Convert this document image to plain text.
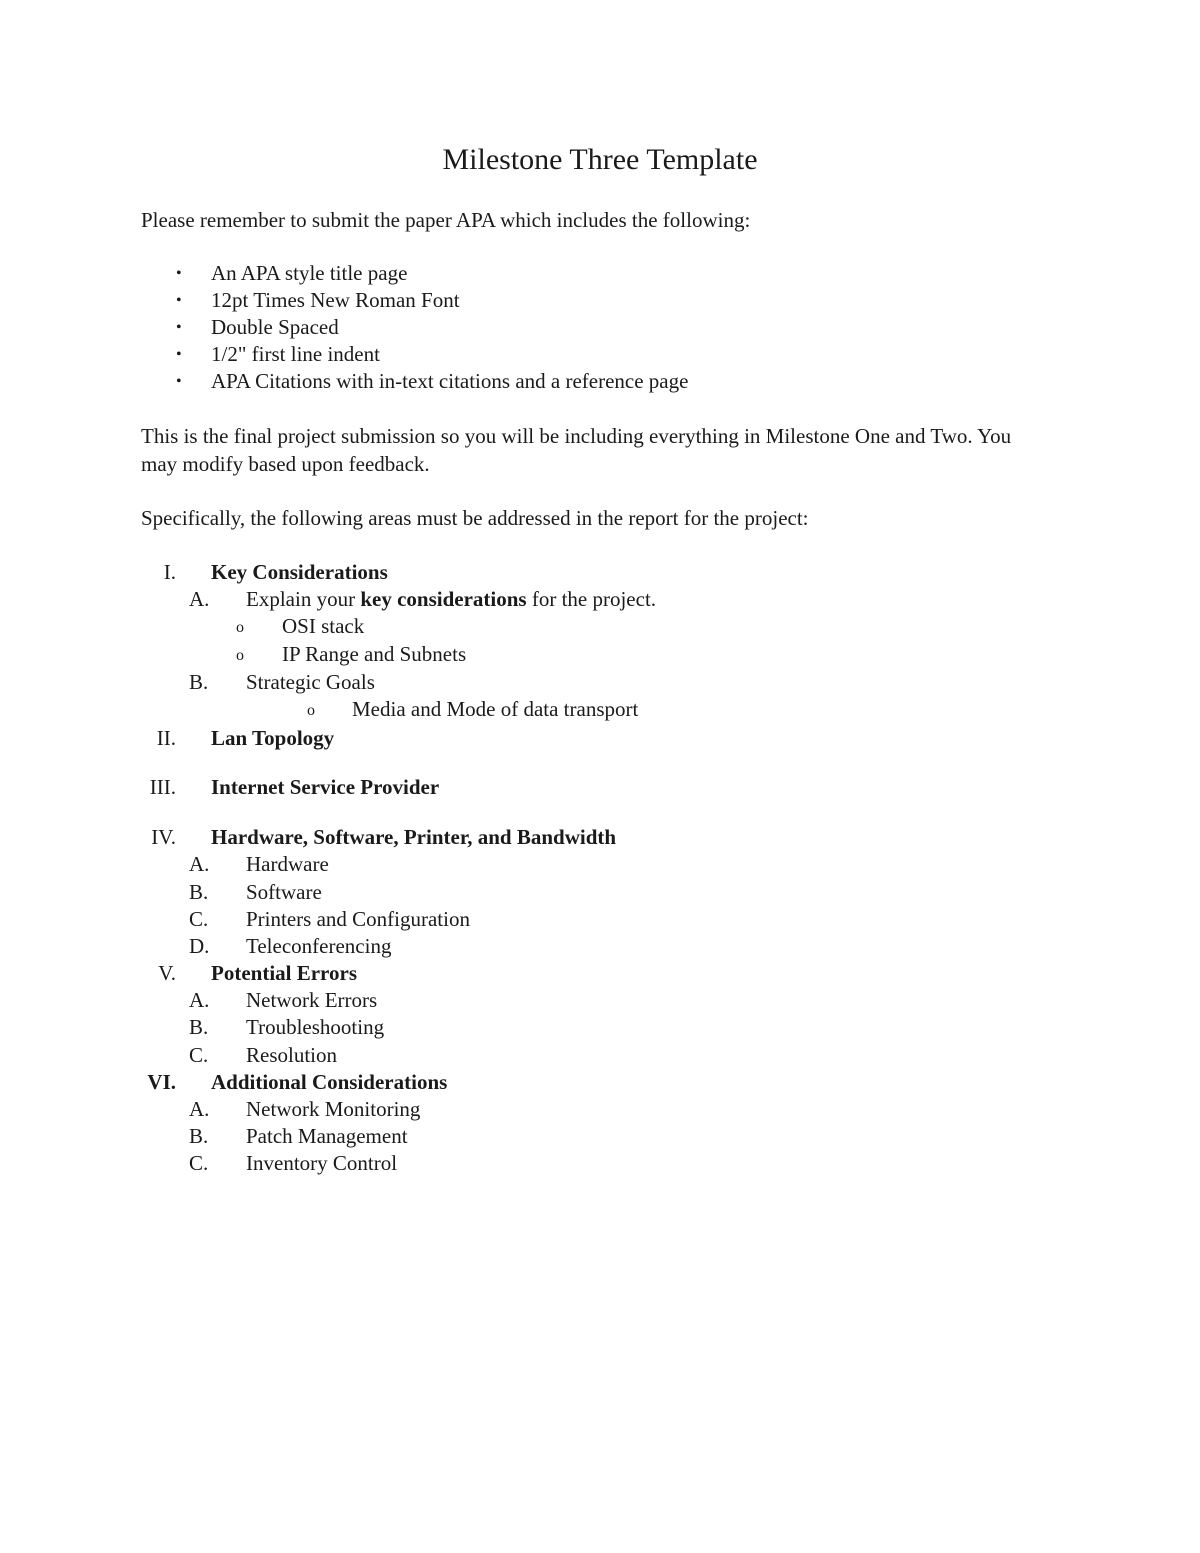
Milestone Three Template
Please remember to submit the paper APA which includes the following:
• An APA style title page
• 12pt Times New Roman Font
• Double Spaced
• 1/2" first line indent
• APA Citations with in-text citations and a reference page
This is the final project submission so you will be including everything in Milestone One and Two. You may modify based upon feedback.
Specifically, the following areas must be addressed in the report for the project:
I. Key Considerations
A. Explain your key considerations for the project.
o OSI stack
o IP Range and Subnets
B. Strategic Goals
o Media and Mode of data transport
II. Lan Topology
III. Internet Service Provider
IV. Hardware, Software, Printer, and Bandwidth
A. Hardware
B. Software
C. Printers and Configuration
D. Teleconferencing
V. Potential Errors
A. Network Errors
B. Troubleshooting
C. Resolution
VI. Additional Considerations
A. Network Monitoring
B. Patch Management
C. Inventory Control
